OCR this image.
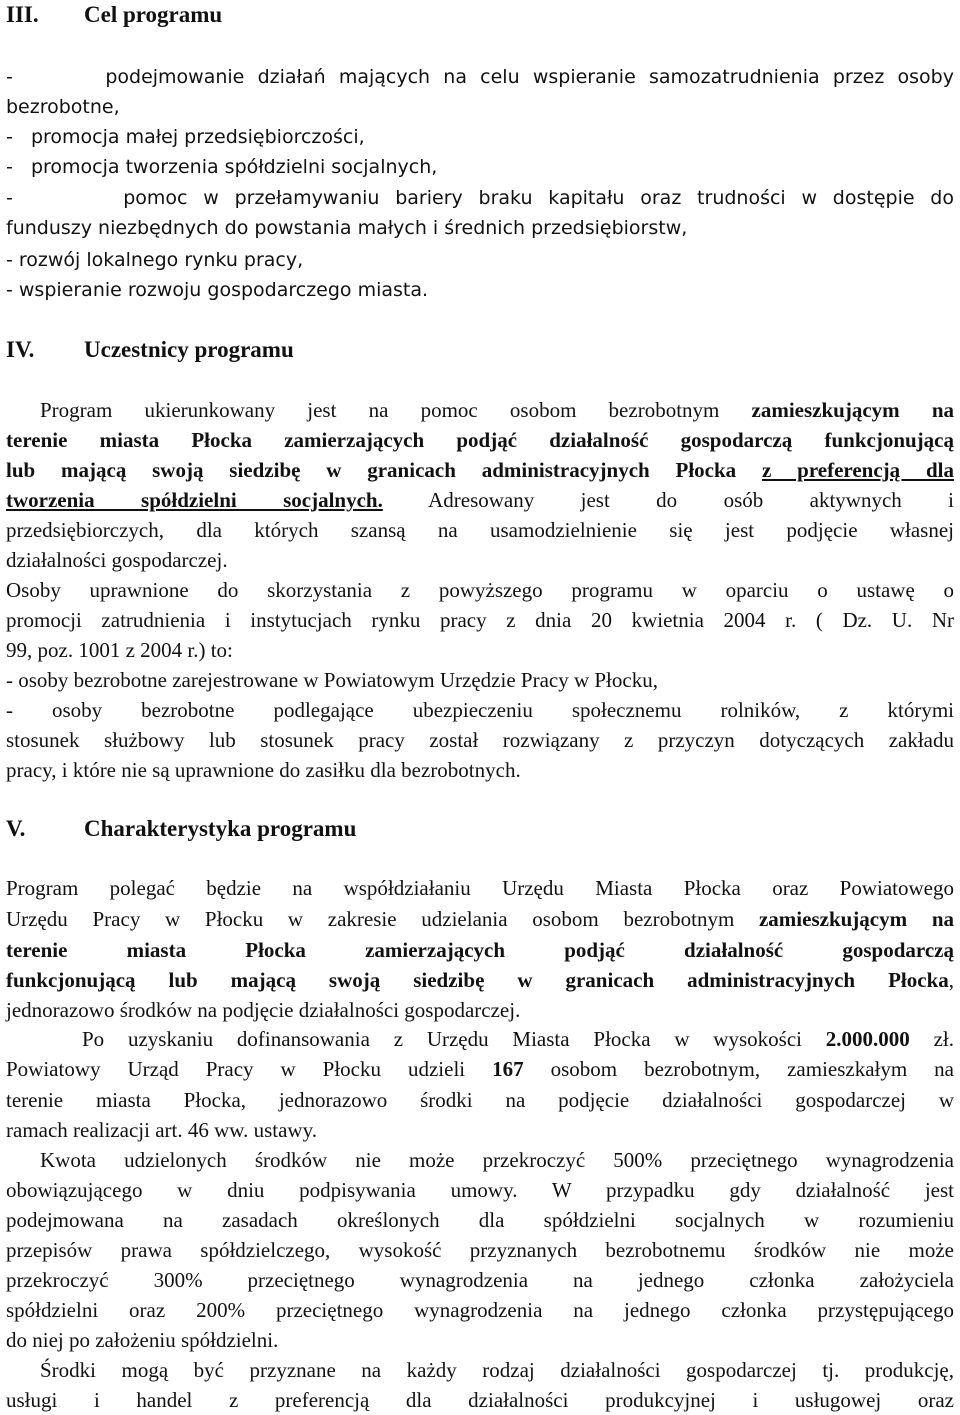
III. Cel programu
-       podejmowanie działań mających na celu wspieranie samozatrudnienia przez osoby
bezrobotne,
-   promocja małej przedsiębiorczości,
-   promocja tworzenia spółdzielni socjalnych,
-       pomoc w przełamywaniu bariery braku kapitału oraz trudności w dostępie do
funduszy niezbędnych do powstania małych i średnich przedsiębiorstw,
- rozwój lokalnego rynku pracy,
- wspieranie rozwoju gospodarczego miasta.
IV. Uczestnicy programu
Program ukierunkowany jest na pomoc osobom bezrobotnym zamieszkującym na
terenie miasta Płocka zamierzających podjąć działalność gospodarczą funkcjonującą
lub mającą swoją siedzibę w granicach administracyjnych Płocka z preferencją dla
tworzenia spółdzielni socjalnych. Adresowany jest do osób aktywnych i
przedsiębiorczych, dla których szansą na usamodzielnienie się jest podjęcie własnej
działalności gospodarczej.
Osoby uprawnione do skorzystania z powyższego programu w oparciu o ustawę o
promocji zatrudnienia i instytucjach rynku pracy z dnia 20 kwietnia 2004 r. ( Dz. U. Nr
99, poz. 1001 z 2004 r.) to:
- osoby bezrobotne zarejestrowane w Powiatowym Urzędzie Pracy w Płocku,
- osoby bezrobotne podlegające ubezpieczeniu społecznemu rolników, z którymi
stosunek służbowy lub stosunek pracy został rozwiązany z przyczyn dotyczących zakładu
pracy, i które nie są uprawnione do zasiłku dla bezrobotnych.
V.	Charakterystyka programu
Program polegać będzie na współdziałaniu Urzędu Miasta Płocka oraz Powiatowego
Urzędu Pracy w Płocku w zakresie udzielania osobom bezrobotnym zamieszkującym na
terenie miasta Płocka zamierzających podjąć działalność gospodarczą
funkcjonującą lub mającą swoją siedzibę w granicach administracyjnych Płocka,
jednorazowo środków na podjęcie działalności gospodarczej.
Po uzyskaniu dofinansowania z Urzędu Miasta Płocka w wysokości 2.000.000 zł.
Powiatowy Urząd Pracy w Płocku udzieli 167 osobom bezrobotnym, zamieszkałym na
terenie miasta Płocka, jednorazowo środki na podjęcie działalności gospodarczej w
ramach realizacji art. 46 ww. ustawy.
Kwota udzielonych środków nie może przekroczyć 500% przeciętnego wynagrodzenia
obowiązującego w dniu podpisywania umowy. W przypadku gdy działalność jest
podejmowana na zasadach określonych dla spółdzielni socjalnych w rozumieniu
przepisów prawa spółdzielczego, wysokość przyznanych bezrobotnemu środków nie może
przekroczyć 300% przeciętnego wynagrodzenia na jednego członka założyciela
spółdzielni oraz 200% przeciętnego wynagrodzenia na jednego członka przystępującego
do niej po założeniu spółdzielni.
Środki mogą być przyznane na każdy rodzaj działalności gospodarczej tj. produkcję,
usługi i handel z preferencją dla działalności produkcyjnej i usługowej oraz
